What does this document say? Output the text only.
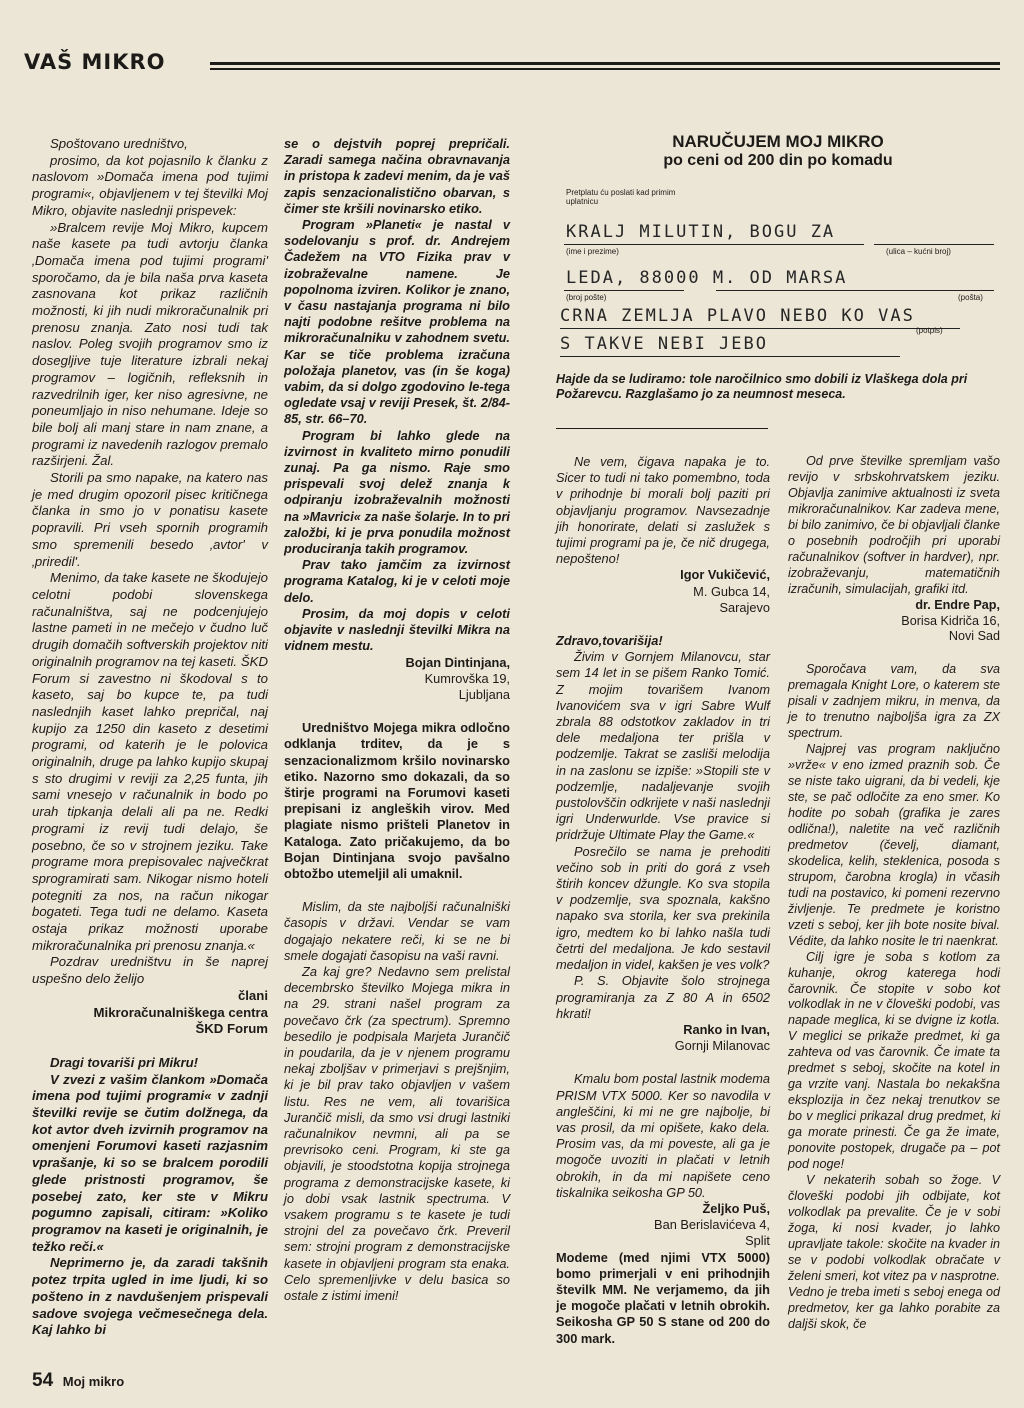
VAŠ MIKRO

Spoštovano uredništvo,

prosimo, da kot pojasnilo k članku z naslovom »Domača imena pod tujimi programi«, objavljenem v tej številki Moj Mikro, objavite naslednji prispevek:

»Bralcem revije Moj Mikro, kupcem naše kasete pa tudi avtorju članka ‚Domača imena pod tujimi programi' sporočamo, da je bila naša prva kaseta zasnovana kot prikaz različnih možnosti, ki jih nudi mikroračunalnik pri prenosu znanja. Zato nosi tudi tak naslov. Poleg svojih programov smo iz dosegljive tuje literature izbrali nekaj programov – logičnih, refleksnih in razvedrilnih iger, ker niso agresivne, ne poneumljajo in niso nehumane. Ideje so bile bolj ali manj stare in nam znane, a programi iz navedenih razlogov premalo razširjeni. Žal.

Storili pa smo napake, na katero nas je med drugim opozoril pisec kritičnega članka in smo jo v ponatisu kasete popravili. Pri vseh spornih programih smo spremenili besedo ‚avtor' v ‚priredil'.

Menimo, da take kasete ne škodujejo celotni podobi slovenskega računalništva, saj ne podcenjujejo lastne pameti in ne mečejo v čudno luč drugih domačih softverskih projektov niti originalnih programov na tej kaseti. ŠKD Forum si zavestno ni škodoval s to kaseto, saj bo kupce te, pa tudi naslednjih kaset lahko prepričal, naj kupijo za 1250 din kaseto z desetimi programi, od katerih je le polovica originalnih, druge pa lahko kupijo skupaj s sto drugimi v reviji za 2,25 funta, jih sami vnesejo v računalnik in bodo po urah tipkanja delali ali pa ne. Redki programi iz revij tudi delajo, še posebno, če so v strojnem jeziku. Take programe mora prepisovalec največkrat sprogramirati sam. Nikogar nismo hoteli potegniti za nos, na račun nikogar bogateti. Tega tudi ne delamo. Kaseta ostaja prikaz možnosti uporabe mikroračunalnika pri prenosu znanja.«

Pozdrav uredništvu in še naprej uspešno delo želijo

člani

Mikroračunalniškega centra

ŠKD Forum

Dragi tovariši pri Mikru!

V zvezi z vašim člankom »Domača imena pod tujimi programi« v zadnji številki revije se čutim dolžnega, da kot avtor dveh izvirnih programov na omenjeni Forumovi kaseti razjasnim vprašanje, ki so se bralcem porodili glede pristnosti programov, še posebej zato, ker ste v Mikru pogumno zapisali, citiram: »Koliko programov na kaseti je originalnih, je težko reči.«

Neprimerno je, da zaradi takšnih potez trpita ugled in ime ljudi, ki so pošteno in z navdušenjem prispevali sadove svojega večmesečnega dela. Kaj lahko bi

se o dejstvih poprej prepričali. Zaradi samega načina obravnavanja in pristopa k zadevi menim, da je vaš zapis senzacionalistično obarvan, s čimer ste kršili novinarsko etiko.

Program »Planeti« je nastal v sodelovanju s prof. dr. Andrejem Čadežem na VTO Fizika prav v izobraževalne namene. Je popolnoma izviren. Kolikor je znano, v času nastajanja programa ni bilo najti podobne rešitve problema na mikroračunalniku v zahodnem svetu. Kar se tiče problema izračuna položaja planetov, vas (in še koga) vabim, da si dolgo zgodovino le-tega ogledate vsaj v reviji Presek, št. 2/84-85, str. 66–70.

Program bi lahko glede na izvirnost in kvaliteto mirno ponudili zunaj. Pa ga nismo. Raje smo prispevali svoj delež znanja k odpiranju izobraževalnih možnosti na »Mavrici« za naše šolarje. In to pri založbi, ki je prva ponudila možnost produciranja takih programov.

Prav tako jamčim za izvirnost programa Katalog, ki je v celoti moje delo.

Prosim, da moj dopis v celoti objavite v naslednji številki Mikra na vidnem mestu.

Bojan Dintinjana,

Kumrovška 19,

Ljubljana

Uredništvo Mojega mikra odločno odklanja trditev, da je s senzacionalizmom kršilo novinarsko etiko. Nazorno smo dokazali, da so štirje programi na Forumovi kaseti prepisani iz angleških virov. Med plagiate nismo prišteli Planetov in Kataloga. Zato pričakujemo, da bo Bojan Dintinjana svojo pavšalno obtožbo utemeljil ali umaknil.

Mislim, da ste najboljši računalniški časopis v državi. Vendar se vam dogajajo nekatere reči, ki se ne bi smele dogajati časopisu na vaši ravni.

Za kaj gre? Nedavno sem prelistal decembrsko številko Mojega mikra in na 29. strani našel program za povečavo črk (za spectrum). Spremno besedilo je podpisala Marjeta Jurančič in poudarila, da je v njenem programu nekaj zboljšav v primerjavi s prejšnjim, ki je bil prav tako objavljen v vašem listu. Res ne vem, ali tovarišica Jurančič misli, da smo vsi drugi lastniki računalnikov nevmni, ali pa se prevrisoko ceni. Program, ki ste ga objavili, je stoodstotna kopija strojnega programa z demonstracijske kasete, ki jo dobi vsak lastnik spectruma. V vsakem programu s te kasete je tudi strojni del za povečavo črk. Preveril sem: strojni program z demonstracijske kasete in objavljeni program sta enaka. Celo spremenljivke v delu basica so ostale z istimi imeni!

NARUČUJEM MOJ MIKRO
po ceni od 200 din po komadu
Pretplatu ću poslati kad primim uplatnicu
KRALJ MILUTIN, BOGU ZA
(ime i prezime)	(ulica – kućni broj)
LEDA, 88000 M. OD MARSA
(broj pošte)	(pošta)
CRNA ZEMLJA PLAVO NEBO KO VAS
S TAKVE NEBI JEBO
(potpis)
Hajde da se ludiramo: tole naročilnico smo dobili iz Vlaškega dola pri Požarevcu. Razglašamo jo za neumnost meseca.

Ne vem, čigava napaka je to. Sicer to tudi ni tako pomembno, toda v prihodnje bi morali bolj paziti pri objavljanju programov. Navsezadnje jih honorirate, delati si zaslužek s tujimi programi pa je, če nič drugega, nepošteno!

Igor Vukičević,

M. Gubca 14,

Sarajevo

Zdravo,tovarišija!

Živim v Gornjem Milanovcu, star sem 14 let in se pišem Ranko Tomić. Z mojim tovarišem Ivanom Ivanovićem sva v igri Sabre Wulf zbrala 88 odstotkov zakladov in tri dele medaljona ter prišla v podzemlje. Takrat se zasliši melodija in na zaslonu se izpiše: »Stopili ste v podzemlje, nadaljevanje svojih pustolovščin odkrijete v naši naslednji igri Underwurlde. Vse pravice si pridržuje Ultimate Play the Game.«

Posrečilo se nama je prehoditi večino sob in priti do gorá z vseh štirih koncev džungle. Ko sva stopila v podzemlje, sva spoznala, kakšno napako sva storila, ker sva prekinila igro, medtem ko bi lahko našla tudi četrti del medaljona. Je kdo sestavil medaljon in videl, kakšen je ves volk?

P. S. Objavite šolo strojnega programiranja za Z 80 A in 6502 hkrati!

Ranko in Ivan,

Gornji Milanovac

Kmalu bom postal lastnik modema PRISM VTX 5000. Ker so navodila v angleščini, ki mi ne gre najbolje, bi vas prosil, da mi opišete, kako dela. Prosim vas, da mi poveste, ali ga je mogoče uvoziti in plačati v letnih obrokih, in da mi napišete ceno tiskalnika seikosha GP 50.

Željko Puš,

Ban Berislavićeva 4,

Split

Modeme (med njimi VTX 5000) bomo primerjali v eni prihodnjih številk MM. Ne verjamemo, da jih je mogoče plačati v letnih obrokih. Seikosha GP 50 S stane od 200 do 300 mark.

Od prve številke spremljam vašo revijo v srbskohrvatskem jeziku. Objavlja zanimive aktualnosti iz sveta mikroračunalnikov. Kar zadeva mene, bi bilo zanimivo, če bi objavljali članke o posebnih področjih pri uporabi računalnikov (softver in hardver), npr. izobraževanju, matematičnih izračunih, simulacijah, grafiki itd.

dr. Endre Pap,

Borisa Kidriča 16,

Novi Sad

Sporočava vam, da sva premagala Knight Lore, o katerem ste pisali v zadnjem mikru, in menva, da je to trenutno najboljša igra za ZX spectrum.

Najprej vas program naključno »vrže« v eno izmed praznih sob. Če se niste tako uigrani, da bi vedeli, kje ste, se pač odločite za eno smer. Ko hodite po sobah (grafika je zares odlična!), naletite na več različnih predmetov (čevelj, diamant, skodelica, kelih, steklenica, posoda s strupom, čarobna krogla) in včasih tudi na postavico, ki pomeni rezervno življenje. Te predmete je koristno vzeti s seboj, ker jih bote nosite bival. Védite, da lahko nosite le tri naenkrat.

Cilj igre je soba s kotlom za kuhanje, okrog katerega hodi čarovnik. Če stopite v sobo kot volkodlak in ne v človeški podobi, vas napade meglica, ki se dvigne iz kotla. V meglici se prikaže predmet, ki ga zahteva od vas čarovnik. Če imate ta predmet s seboj, skočite na kotel in ga vrzite vanj. Nastala bo nekakšna eksplozija in čez nekaj trenutkov se bo v meglici prikazal drug predmet, ki ga morate prinesti. Če ga že imate, ponovite postopek, drugače pa – pot pod noge!

V nekaterih sobah so žoge. V človeški podobi jih odbijate, kot volkodlak pa prevalite. Če je v sobi žoga, ki nosi kvader, jo lahko upravljate takole: skočite na kvader in se v podobi volkodlak obračate v želeni smeri, kot vitez pa v nasprotne. Vedno je treba imeti s seboj enega od predmetov, ker ga lahko porabite za daljši skok, če

54 Moj mikro
